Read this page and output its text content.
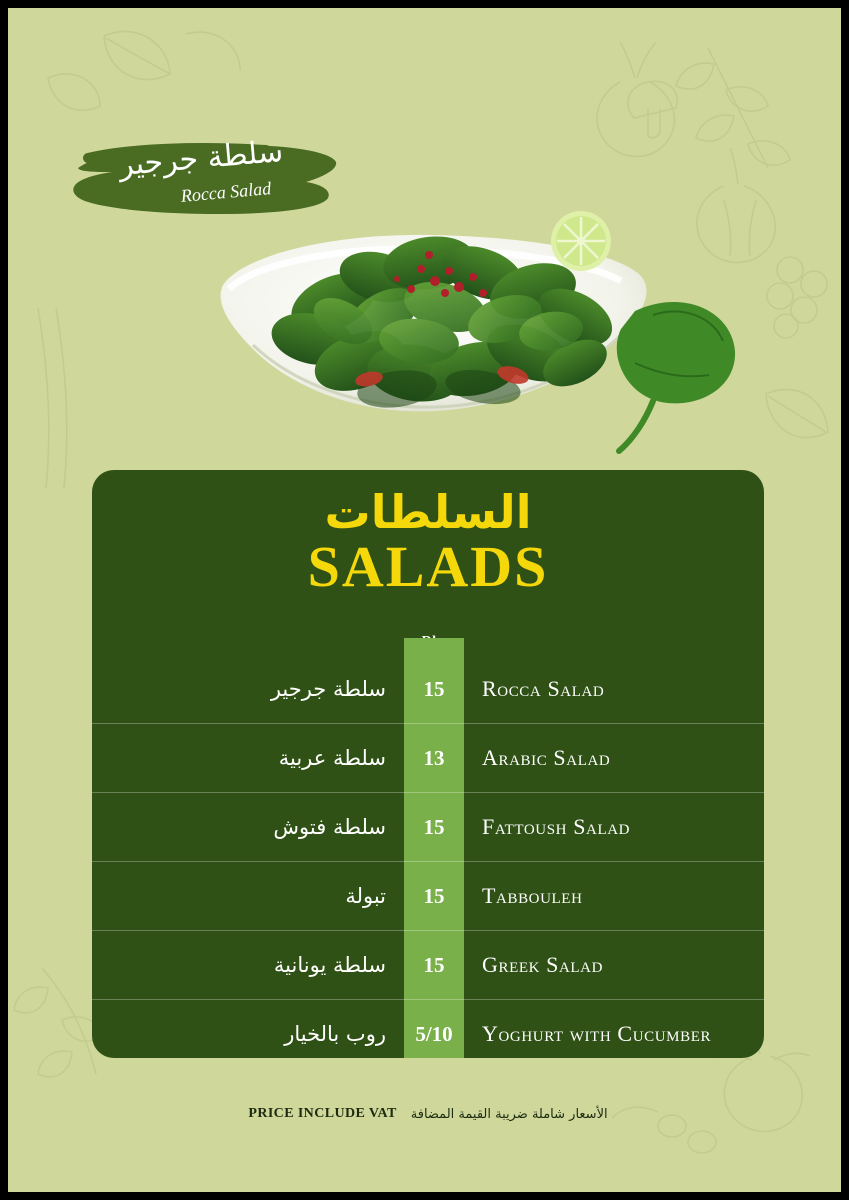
سلطة جرجير
Rocca Salad
السلطات
SALADS
سلطة جرجير	15	Rocca Salad
سلطة عربية	13	Arabic Salad
سلطة فتوش	15	Fattoush Salad
تبولة	15	Tabbouleh
سلطة يونانية	15	Greek Salad
روب بالخيار	5/10	Yoghurt with Cucumber
PRICE INCLUDE VAT الأسعار شاملة ضريبة القيمة المضافة
